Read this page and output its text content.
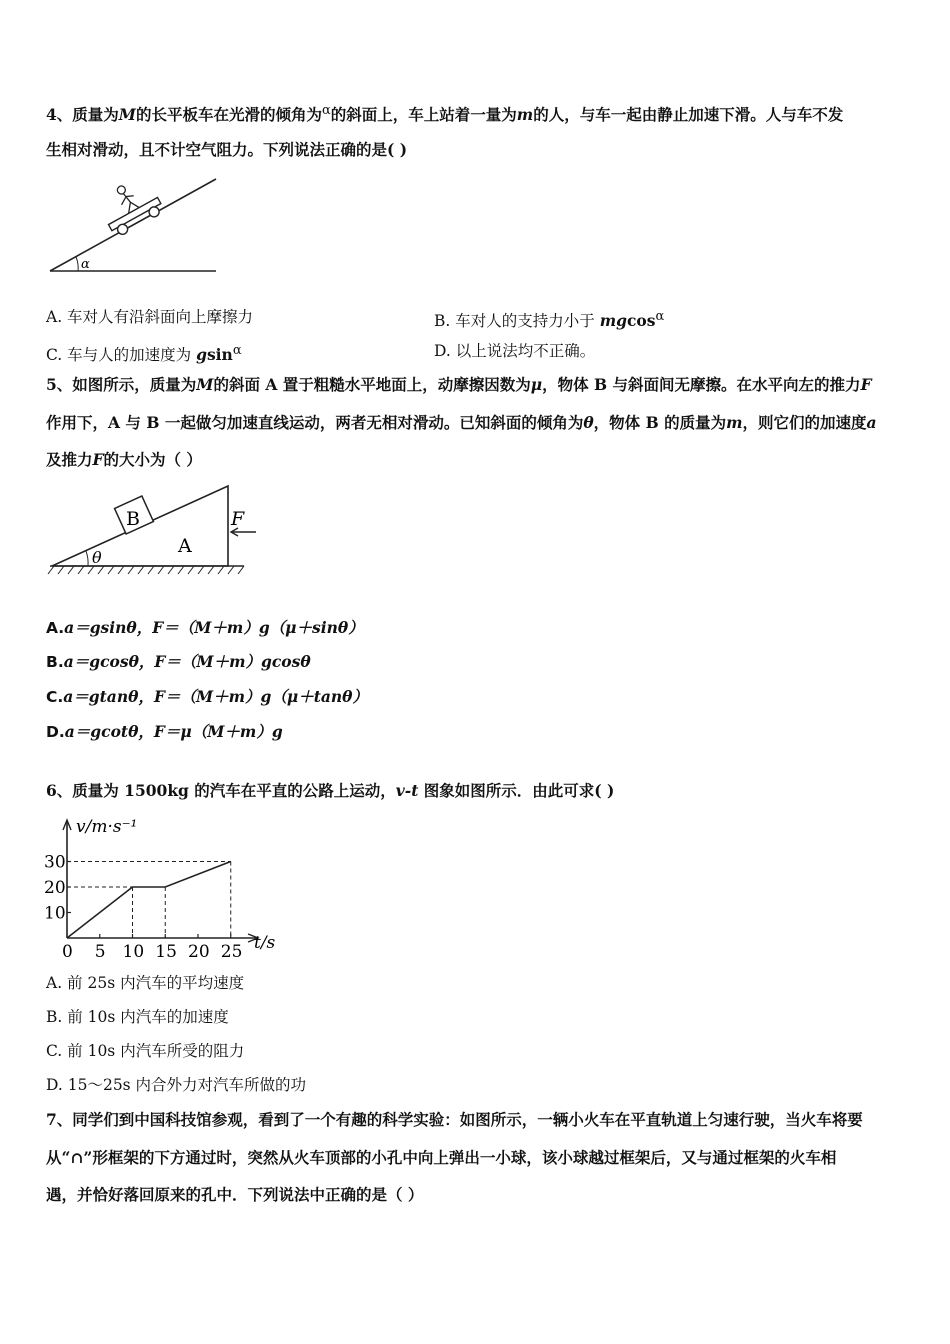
4、质量为M的长平板车在光滑的倾角为$^\alpha$的斜面上，车上站着一量为m的人，与车一起由静止加速下滑。人与车不发
生相对滑动，且不计空气阻力。下列说法正确的是( )
α
A. 车对人有沿斜面向上摩擦力	B. 车对人的支持力小于 mgcos$^\alpha$
C. 车与人的加速度为 gsin$^\alpha$	D. 以上说法均不正确。
5、如图所示，质量为M的斜面 A 置于粗糙水平地面上，动摩擦因数为μ，物体 B 与斜面间无摩擦。在水平向左的推力F
作用下，A 与 B 一起做匀加速直线运动，两者无相对滑动。已知斜面的倾角为θ，物体 B 的质量为m，则它们的加速度a
及推力F的大小为（ ）
θ
B
A
F
A.a＝gsinθ，F＝（M＋m）g（μ＋sinθ）
B.a＝gcosθ，F＝（M＋m）gcosθ
C.a＝gtanθ，F＝（M＋m）g（μ＋tanθ）
D.a＝gcotθ，F＝μ（M＋m）g
6、质量为 1500kg 的汽车在平直的公路上运动，v-t 图象如图所示．由此可求( )
v/m·s⁻¹
t/s
0 5 10 15 20 25
10
20
30
A. 前 25s 内汽车的平均速度
B. 前 10s 内汽车的加速度
C. 前 10s 内汽车所受的阻力
D. 15～25s 内合外力对汽车所做的功
7、同学们到中国科技馆参观，看到了一个有趣的科学实验：如图所示，一辆小火车在平直轨道上匀速行驶，当火车将要
从“∩”形框架的下方通过时，突然从火车顶部的小孔中向上弹出一小球，该小球越过框架后，又与通过框架的火车相
遇，并恰好落回原来的孔中．下列说法中正确的是（ ）
